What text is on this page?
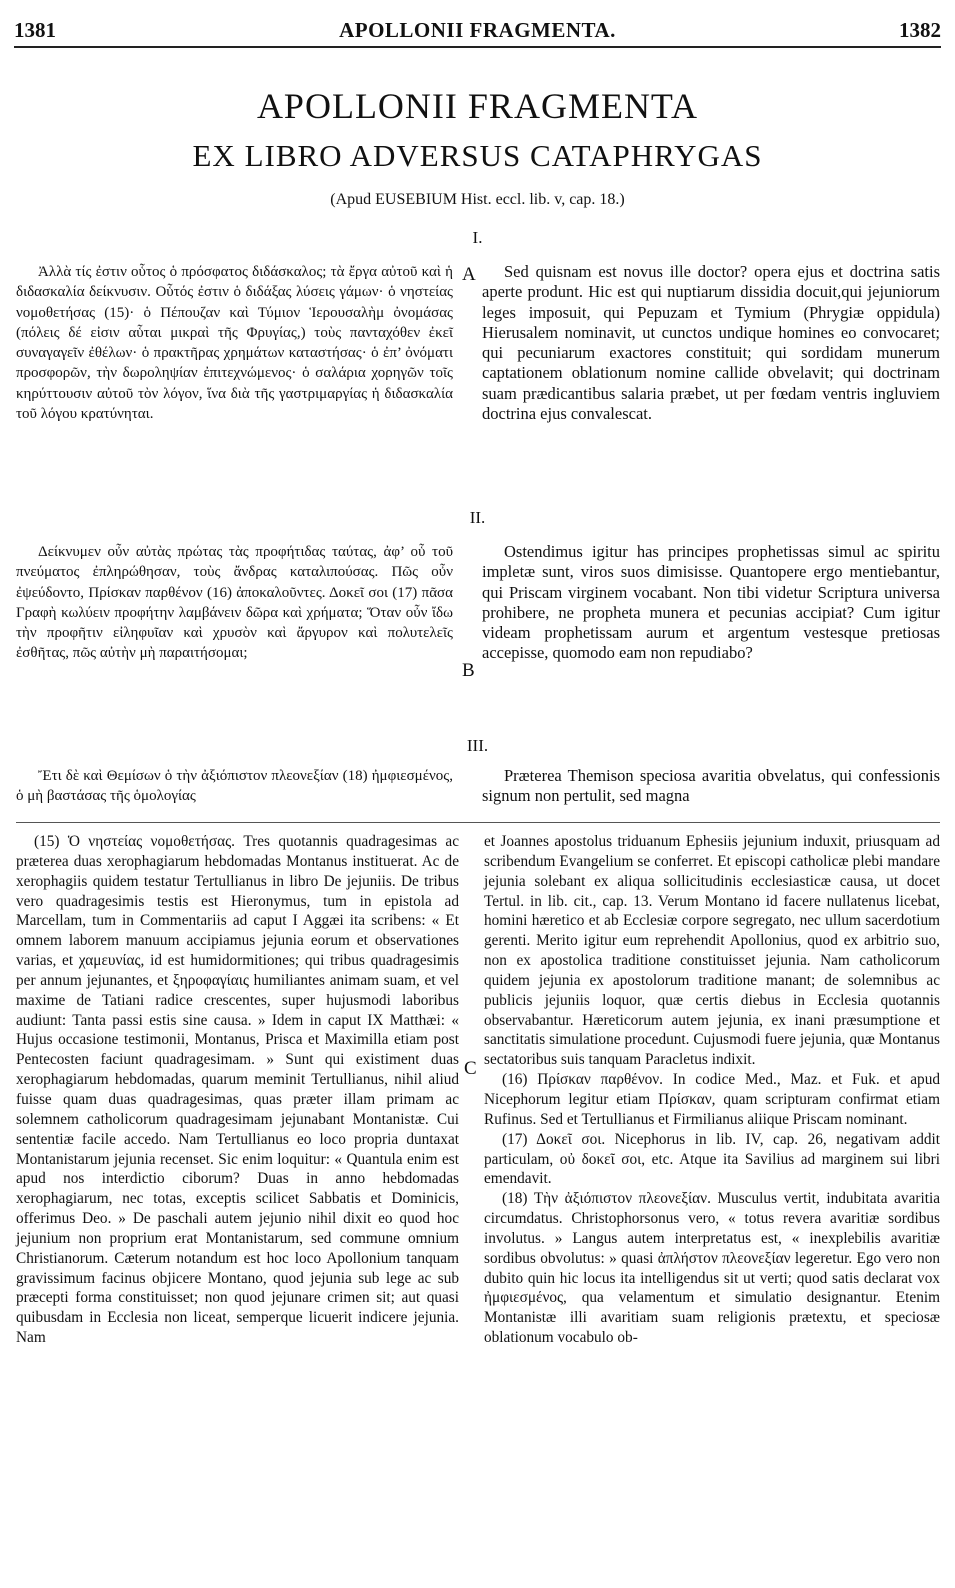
1381	APOLLONII FRAGMENTA.	1382
APOLLONII FRAGMENTA
EX LIBRO ADVERSUS CATAPHRYGAS
(Apud EUSEBIUM Hist. eccl. lib. v, cap. 18.)
I.

Ἀλλὰ τίς ἐστιν οὗτος ὁ πρόσφατος διδάσκαλος; τὰ ἔργα αὐτοῦ καὶ ἡ διδασκαλία δείκνυσιν. Οὗτός ἐστιν ὁ διδάξας λύσεις γάμων· ὁ νηστείας νομοθετήσας (15)· ὁ Πέπουζαν καὶ Τύμιον Ἱερουσαλὴμ ὀνομάσας (πόλεις δέ εἰσιν αὗται μικραὶ τῆς Φρυγίας,) τοὺς πανταχόθεν ἐκεῖ συναγαγεῖν ἐθέλων· ὁ πρακτῆρας χρημάτων καταστήσας· ὁ ἐπ’ ὀνόματι προσφορῶν, τὴν δωροληψίαν ἐπιτεχνώμενος· ὁ σαλάρια χορηγῶν τοῖς κηρύττουσιν αὐτοῦ τὸν λόγον, ἵνα διὰ τῆς γαστριμαργίας ἡ διδασκαλία τοῦ λόγου κρατύνηται.

A	Sed quisnam est novus ille doctor? opera ejus et doctrina satis aperte produnt. Hic est qui nuptiarum dissidia docuit,qui jejuniorum leges imposuit, qui Pepuzam et Tymium (Phrygiæ oppidula) Hierusalem nominavit, ut cunctos undique homines eo convocaret; qui pecuniarum exactores constituit; qui sordidam munerum captationem oblationum nomine callide obvelavit; qui doctrinam suam prædicantibus salaria præbet, ut per fœdam ventris ingluviem doctrina ejus convalescat.

II.

Δείκνυμεν οὖν αὐτὰς πρώτας τὰς προφήτιδας ταύτας, ἀφ’ οὗ τοῦ πνεύματος ἐπληρώθησαν, τοὺς ἄνδρας καταλιπούσας. Πῶς οὖν ἐψεύδοντο, Πρίσκαν παρθένον (16) ἀποκαλοῦντες. Δοκεῖ σοι (17) πᾶσα Γραφὴ κωλύειν προφήτην λαμβάνειν δῶρα καὶ χρήματα; Ὅταν οὖν ἴδω τὴν προφῆτιν εἰληφυῖαν καὶ χρυσὸν καὶ ἄργυρον καὶ πολυτελεῖς ἐσθῆτας, πῶς αὐτὴν μὴ παραιτήσομαι;

B

Ostendimus igitur has principes prophetissas simul ac spiritu impletæ sunt, viros suos dimisisse. Quantopere ergo mentiebantur, qui Priscam virginem vocabant. Non tibi videtur Scriptura universa prohibere, ne propheta munera et pecunias accipiat? Cum igitur videam prophetissam aurum et argentum vestesque pretiosas accepisse, quomodo eam non repudiabo?

III.

Ἔτι δὲ καὶ Θεμίσων ὁ τὴν ἀξιόπιστον πλεονεξίαν (18) ἠμφιεσμένος, ὁ μὴ βαστάσας τῆς ὁμολογίας

Præterea Themison speciosa avaritia obvelatus, qui confessionis signum non pertulit, sed magna

(15) Ὁ νηστείας νομοθετήσας. Tres quotannis quadragesimas ac præterea duas xerophagiarum hebdomadas Montanus instituerat. Ac de xerophagiis quidem testatur Tertullianus in libro De jejuniis. De tribus vero quadragesimis testis est Hieronymus, tum in epistola ad Marcellam, tum in Commentariis ad caput I Aggæi ita scribens: « Et omnem laborem manuum accipiamus jejunia eorum et observationes varias, et χαμευνίας, id est humidormitiones; qui tribus quadragesimis per annum jejunantes, et ξηροφαγίαις humiliantes animam suam, et vel maxime de Tatiani radice crescentes, super hujusmodi laboribus audiunt: Tanta passi estis sine causa. » Idem in caput IX Matthæi: « Hujus occasione testimonii, Montanus, Prisca et Maximilla etiam post Pentecosten faciunt quadragesimam. » Sunt qui existiment duas xerophagiarum hebdomadas, quarum meminit Tertullianus, nihil aliud fuisse quam duas quadragesimas, quas præter illam primam ac solemnem catholicorum quadragesimam jejunabant Montanistæ. Cui sententiæ facile accedo. Nam Tertullianus eo loco propria duntaxat Montanistarum jejunia recenset. Sic enim loquitur: « Quantula enim est apud nos interdictio ciborum? Duas in anno hebdomadas xerophagiarum, nec totas, exceptis scilicet Sabbatis et Dominicis, offerimus Deo. » De paschali autem jejunio nihil dixit eo quod hoc jejunium non proprium erat Montanistarum, sed commune omnium Christianorum. Cæterum notandum est hoc loco Apollonium tanquam gravissimum facinus objicere Montano, quod jejunia sub lege ac sub præcepti forma constituisset; non quod jejunare crimen sit; aut quasi quibusdam in Ecclesia non liceat, semperque licuerit indicere jejunia. Nam

C

et Joannes apostolus triduanum Ephesiis jejunium induxit, priusquam ad scribendum Evangelium se conferret. Et episcopi catholicæ plebi mandare jejunia solebant ex aliqua sollicitudinis ecclesiasticæ causa, ut docet Tertul. in lib. cit., cap. 13. Verum Montano id facere nullatenus licebat, homini hæretico et ab Ecclesiæ corpore segregato, nec ullum sacerdotium gerenti. Merito igitur eum reprehendit Apollonius, quod ex arbitrio suo, non ex apostolica traditione constituisset jejunia. Nam catholicorum quidem jejunia ex apostolorum traditione manant; de solemnibus ac publicis jejuniis loquor, quæ certis diebus in Ecclesia quotannis observabantur. Hæreticorum autem jejunia, ex inani præsumptione et sanctitatis simulatione procedunt. Cujusmodi fuere jejunia, quæ Montanus sectatoribus suis tanquam Paracletus indixit.

(16) Πρίσκαν παρθένον. In codice Med., Maz. et Fuk. et apud Nicephorum legitur etiam Πρίσκαν, quam scripturam confirmat etiam Rufinus. Sed et Tertullianus et Firmilianus aliique Priscam nominant.

(17) Δοκεῖ σοι. Nicephorus in lib. IV, cap. 26, negativam addit particulam, οὐ δοκεῖ σοι, etc. Atque ita Savilius ad marginem sui libri emendavit.

(18) Τὴν ἀξιόπιστον πλεονεξίαν. Musculus vertit, indubitata avaritia circumdatus. Christophorsonus vero, « totus revera avaritiæ sordibus involutus. » Langus autem interpretatus est, « inexplebilis avaritiæ sordibus obvolutus: » quasi ἀπλήστον πλεονεξίαν legeretur. Ego vero non dubito quin hic locus ita intelligendus sit ut verti; quod satis declarat vox ἠμφιεσμένος, qua velamentum et simulatio designantur. Etenim Montanistæ illi avaritiam suam religionis prætextu, et speciosæ oblationum vocabulo ob-
